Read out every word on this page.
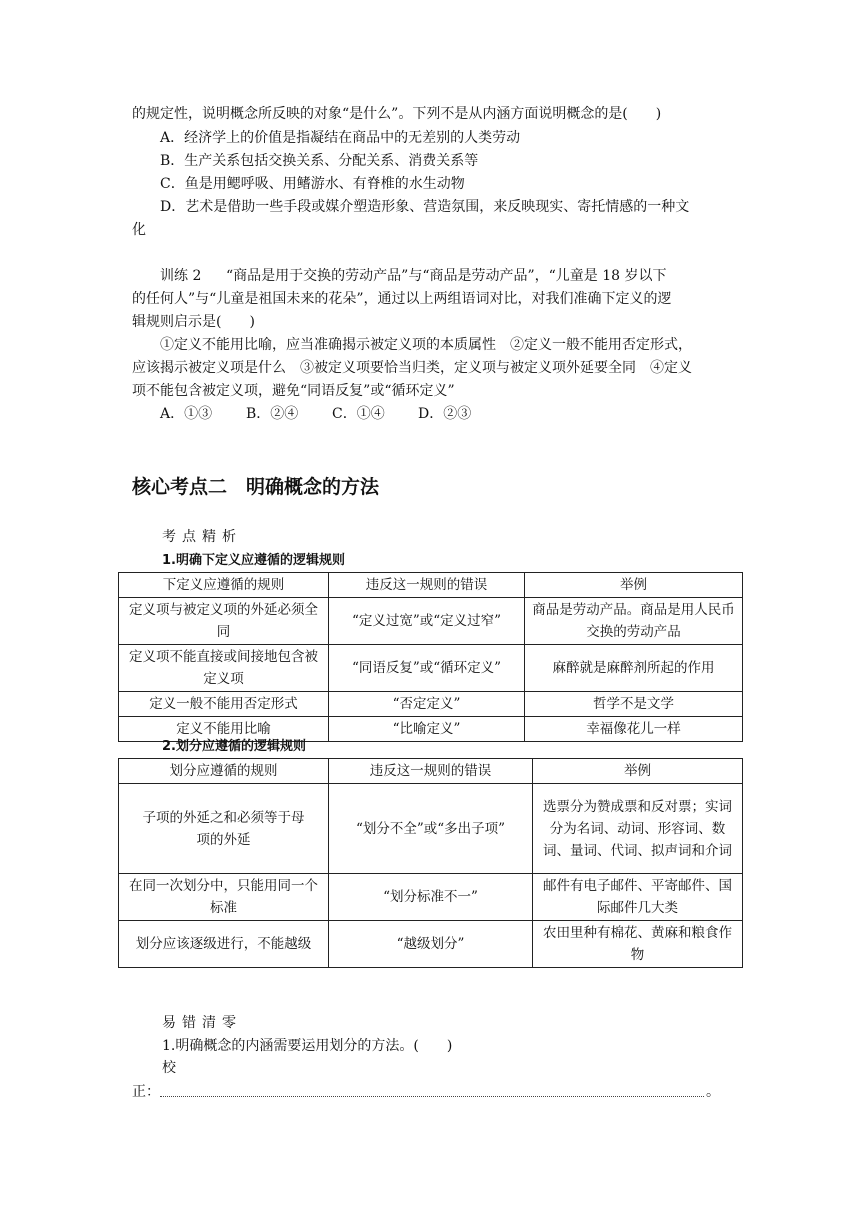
的规定性，说明概念所反映的对象“是什么”。下列不是从内涵方面说明概念的是(　　)
A．经济学上的价值是指凝结在商品中的无差别的人类劳动
B．生产关系包括交换关系、分配关系、消费关系等
C．鱼是用鳃呼吸、用鳍游水、有脊椎的水生动物
D．艺术是借助一些手段或媒介塑造形象、营造氛围，来反映现实、寄托情感的一种文
化
训练 2 “商品是用于交换的劳动产品”与“商品是劳动产品”，“儿童是 18 岁以下
的任何人”与“儿童是祖国未来的花朵”，通过以上两组语词对比，对我们准确下定义的逻
辑规则启示是(　　)
①定义不能用比喻，应当准确揭示被定义项的本质属性　②定义一般不能用否定形式，
应该揭示被定义项是什么　③被定义项要恰当归类，定义项与被定义项外延要全同　④定义
项不能包含被定义项，避免“同语反复”或“循环定义”
A．①③ B．②④ C．①④ D．②③
核心考点二　明确概念的方法
考点精析
1.明确下定义应遵循的逻辑规则
下定义应遵循的规则	违反这一规则的错误	举例
定义项与被定义项的外延必须全同	“定义过宽”或“定义过窄”	商品是劳动产品。商品是用人民币交换的劳动产品
定义项不能直接或间接地包含被定义项	“同语反复”或“循环定义”	麻醉就是麻醉剂所起的作用
定义一般不能用否定形式	“否定定义”	哲学不是文学
定义不能用比喻	“比喻定义”	幸福像花儿一样
2.划分应遵循的逻辑规则
划分应遵循的规则	违反这一规则的错误	举例
子项的外延之和必须等于母项的外延	“划分不全”或“多出子项”	选票分为赞成票和反对票；实词分为名词、动词、形容词、数词、量词、代词、拟声词和介词
在同一次划分中，只能用同一个标准	“划分标准不一”	邮件有电子邮件、平寄邮件、国际邮件几大类
划分应该逐级进行，不能越级	“越级划分”	农田里种有棉花、黄麻和粮食作物
易错清零
1.明确概念的内涵需要运用划分的方法。(　　)
校
正：	。
